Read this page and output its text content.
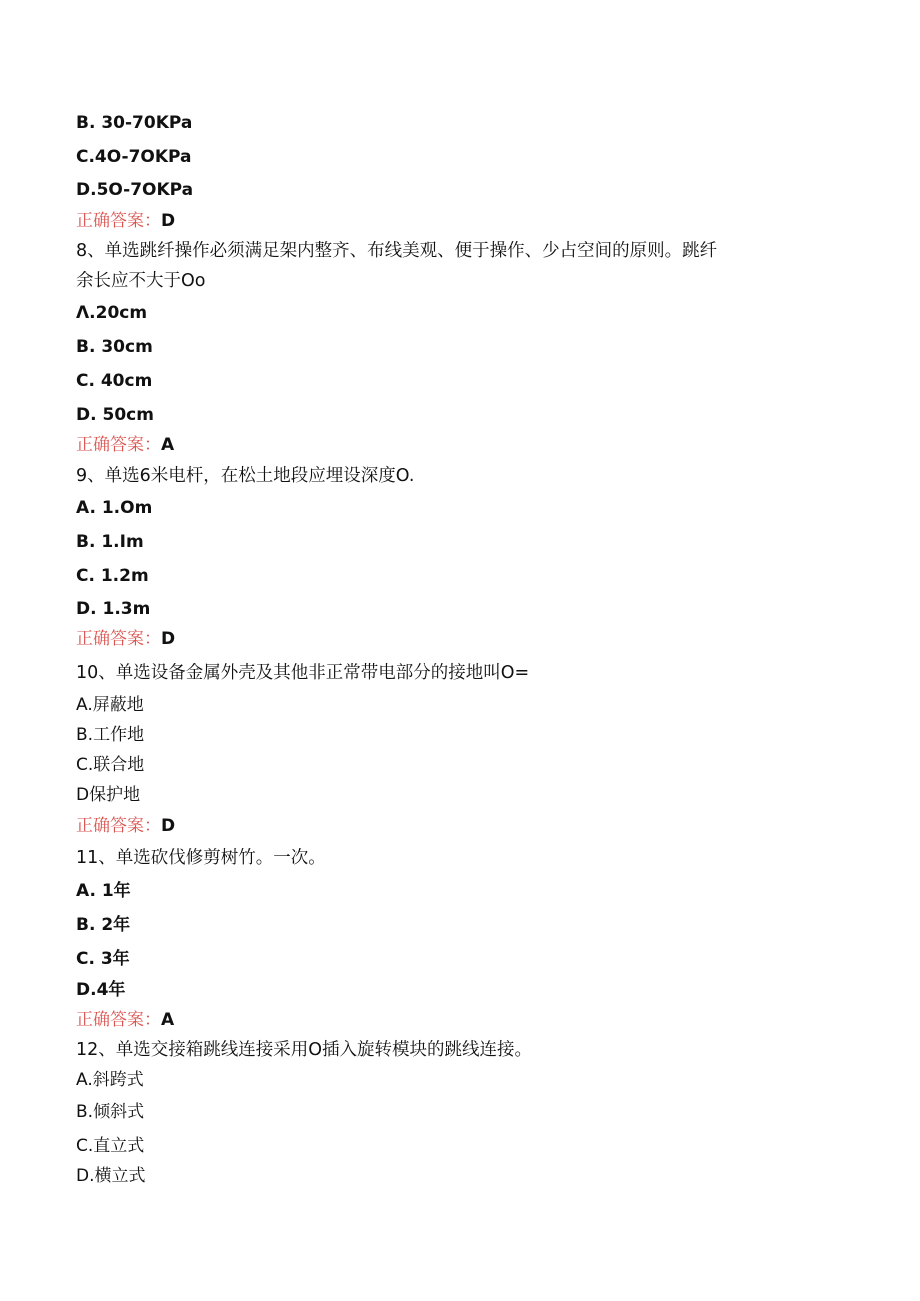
B. 30-70KPa
C.4O-7OKPa
D.5O-7OKPa
正确答案：D
8、单选跳纤操作必须满足架内整齐、布线美观、便于操作、少占空间的原则。跳纤
余长应不大于Oo
Λ.20cm
B. 30cm
C. 40cm
D. 50cm
正确答案：A
9、单选6米电杆，在松土地段应埋设深度O.
A. 1.Om
B. 1.Im
C. 1.2m
D. 1.3m
正确答案：D
10、单选设备金属外壳及其他非正常带电部分的接地叫O=
A.屏蔽地
B.工作地
C.联合地
D保护地
正确答案：D
11、单选砍伐修剪树竹。一次。
A. 1年
B. 2年
C. 3年
D.4年
正确答案：A
12、单选交接箱跳线连接采用O插入旋转模块的跳线连接。
A.斜跨式
B.倾斜式
C.直立式
D.横立式
